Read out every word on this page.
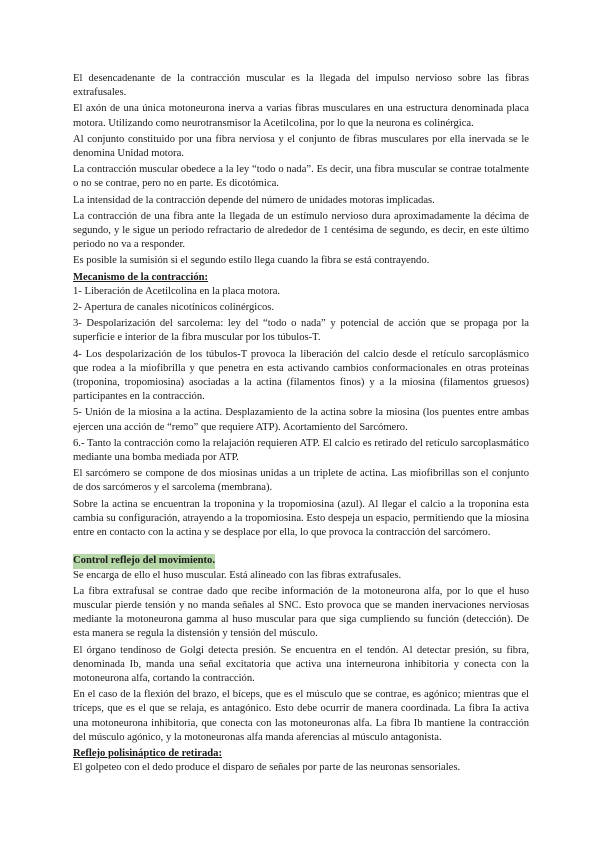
El desencadenante de la contracción muscular es la llegada del impulso nervioso sobre las fibras extrafusales.

El axón de una única motoneurona inerva a varias fibras musculares en una estructura denominada placa motora. Utilizando como neurotransmisor la Acetilcolina, por lo que la neurona es colinérgica.

Al conjunto constituido por una fibra nerviosa y el conjunto de fibras musculares por ella inervada se le denomina Unidad motora.

La contracción muscular obedece a la ley “todo o nada”. Es decir, una fibra muscular se contrae totalmente o no se contrae, pero no en parte. Es dicotómica.

La intensidad de la contracción depende del número de unidades motoras implicadas.

La contracción de una fibra ante la llegada de un estímulo nervioso dura aproximadamente la décima de segundo, y le sigue un periodo refractario de alrededor de 1 centésima de segundo, es decir, en este último periodo no va a responder.

Es posible la sumisión si el segundo estilo llega cuando la fibra se está contrayendo.

Mecanismo de la contracción:

1- Liberación de Acetilcolina en la placa motora.

2- Apertura de canales nicotínicos colinérgicos.

3- Despolarización del sarcolema: ley del “todo o nada” y potencial de acción que se propaga por la superficie e interior de la fibra muscular por los túbulos-T.

4- Los despolarización de los túbulos-T provoca la liberación del calcio desde el retículo sarcoplásmico que rodea a la miofibrilla y que penetra en esta activando cambios conformacionales en otras proteínas (troponina, tropomiosina) asociadas a la actina (filamentos finos) y a la miosina (filamentos gruesos) participantes en la contracción.

5- Unión de la miosina a la actina. Desplazamiento de la actina sobre la miosina (los puentes entre ambas ejercen una acción de “remo” que requiere ATP). Acortamiento del Sarcómero.

6.- Tanto la contracción como la relajación requieren ATP. El calcio es retirado del retículo sarcoplasmático mediante una bomba mediada por ATP.

El sarcómero se compone de dos miosinas unidas a un triplete de actina. Las miofibrillas son el conjunto de dos sarcómeros y el sarcolema (membrana).

Sobre la actina se encuentran la troponina y la tropomiosina (azul). Al llegar el calcio a la troponina esta cambia su configuración, atrayendo a la tropomiosina. Esto despeja un espacio, permitiendo que la miosina entre en contacto con la actina y se desplace por ella, lo que provoca la contracción del sarcómero.

Control reflejo del movimiento.

Se encarga de ello el huso muscular. Está alineado con las fibras extrafusales.

La fibra extrafusal se contrae dado que recibe información de la motoneurona alfa, por lo que el huso muscular pierde tensión y no manda señales al SNC. Esto provoca que se manden inervaciones nerviosas mediante la motoneurona gamma al huso muscular para que siga cumpliendo su función (detección). De esta manera se regula la distensión y tensión del músculo.

El órgano tendinoso de Golgi detecta presión. Se encuentra en el tendón. Al detectar presión, su fibra, denominada Ib, manda una señal excitatoria que activa una interneurona inhibitoria y conecta con la motoneurona alfa, cortando la contracción.

En el caso de la flexión del brazo, el bíceps, que es el músculo que se contrae, es agónico; mientras que el tríceps, que es el que se relaja, es antagónico. Esto debe ocurrir de manera coordinada. La fibra Ia activa una motoneurona inhibitoria, que conecta con las motoneuronas alfa. La fibra Ib mantiene la contracción del músculo agónico, y la motoneuronas alfa manda aferencias al músculo antagonista.

Reflejo polisináptico de retirada:

El golpeteo con el dedo produce el disparo de señales por parte de las neuronas sensoriales.
